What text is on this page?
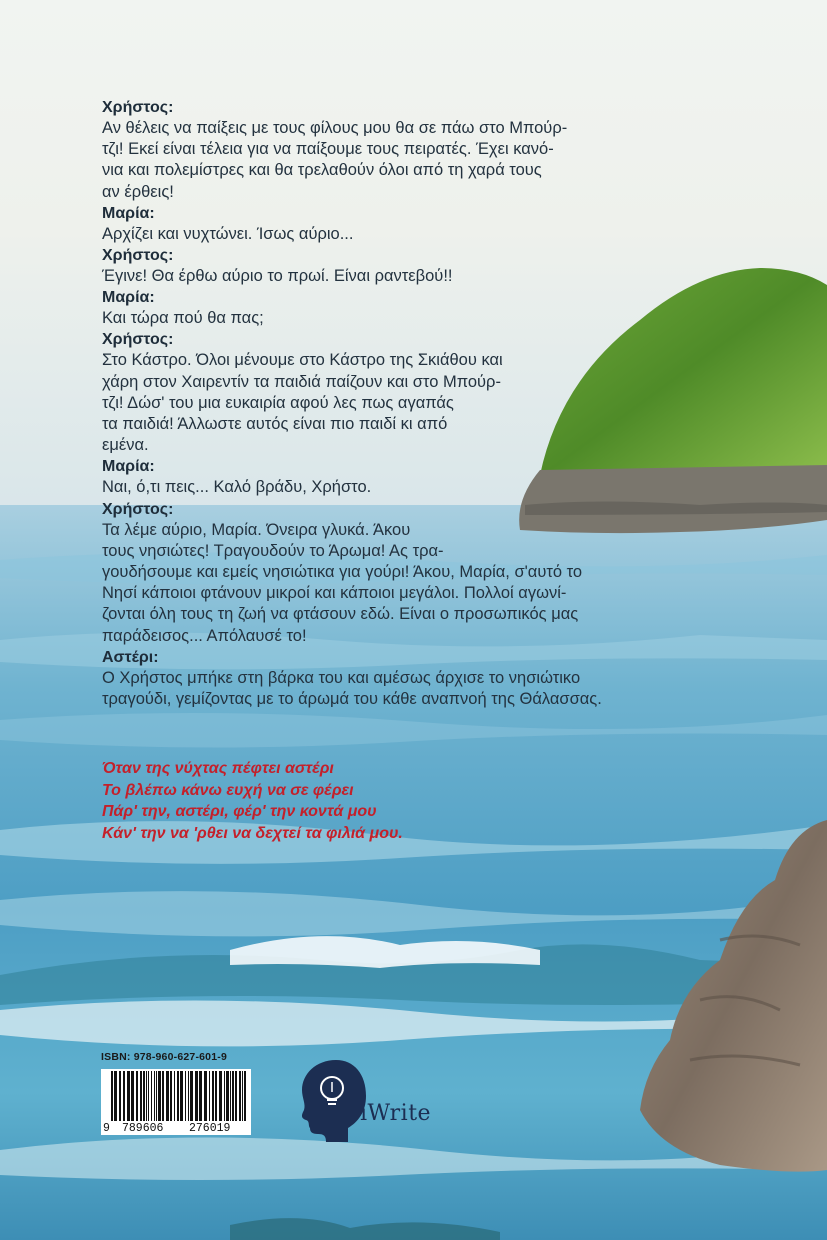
Χρήστος:
Αν θέλεις να παίξεις με τους φίλους μου θα σε πάω στο Μπούρ-
τζι! Εκεί είναι τέλεια για να παίξουμε τους πειρατές. Έχει κανό-
νια και πολεμίστρες και θα τρελαθούν όλοι από τη χαρά τους
αν έρθεις!
Μαρία:
Αρχίζει και νυχτώνει. Ίσως αύριο...
Χρήστος:
Έγινε! Θα έρθω αύριο το πρωί. Είναι ραντεβού!!
Μαρία:
Και τώρα πού θα πας;
Χρήστος:
Στο Κάστρο. Όλοι μένουμε στο Κάστρο της Σκιάθου και
χάρη στον Χαιρεντίν τα παιδιά παίζουν και στο Μπούρ-
τζι! Δώσ' του μια ευκαιρία αφού λες πως αγαπάς
τα παιδιά! Άλλωστε αυτός είναι πιο παιδί κι από
εμένα.
Μαρία:
Ναι, ό,τι πεις... Καλό βράδυ, Χρήστο.
Χρήστος:
Τα λέμε αύριο, Μαρία. Όνειρα γλυκά. Άκου
τους νησιώτες! Τραγουδούν το Άρωμα! Ας τρα-
γουδήσουμε και εμείς νησιώτικα για γούρι! Άκου, Μαρία, σ'αυτό το
Νησί κάποιοι φτάνουν μικροί και κάποιοι μεγάλοι. Πολλοί αγωνί-
ζονται όλη τους τη ζωή να φτάσουν εδώ. Είναι ο προσωπικός μας
παράδεισος... Απόλαυσέ το!
Αστέρι:
Ο Χρήστος μπήκε στη βάρκα του και αμέσως άρχισε το νησιώτικο
τραγούδι, γεμίζοντας με το άρωμά του κάθε αναπνοή της Θάλασσας.
Όταν της νύχτας πέφτει αστέρι
Το βλέπω κάνω ευχή να σε φέρει
Πάρ' την, αστέρι, φέρ' την κοντά μου
Κάν' την να 'ρθει να δεχτεί τα φιλιά μου.
ISBN: 978-960-627-601-9
9 789606 276019
iWrite
